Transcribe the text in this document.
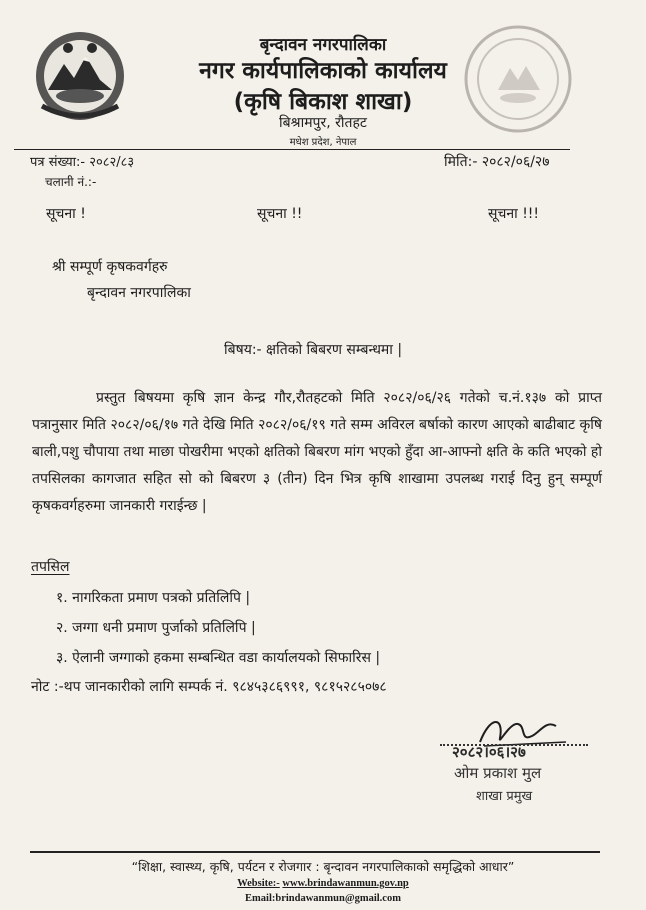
बृन्दावन नगरपालिका
नगर कार्यपालिकाको कार्यालय
(कृषि बिकाश शाखा)
बिश्रामपुर, रौतहट
मधेश प्रदेश, नेपाल
पत्र संख्या:- २०८२/८३	मिति:- २०८२/०६/२७
चलानी नं.:-
सूचना !	सूचना !!	सूचना !!!
श्री सम्पूर्ण कृषकवर्गहरु
बृन्दावन नगरपालिका
बिषय:- क्षतिको बिबरण सम्बन्धमा |

प्रस्तुत बिषयमा कृषि ज्ञान केन्द्र गौर,रौतहटको मिति २०८२/०६/२६ गतेको च.नं.१३७ को प्राप्त पत्रानुसार मिति २०८२/०६/१७ गते देखि मिति २०८२/०६/१९ गते सम्म अविरल बर्षाको कारण आएको बाढीबाट कृषि बाली,पशु चौपाया तथा माछा पोखरीमा भएको क्षतिको बिबरण मांग भएको हुँदा आ-आफ्नो क्षति के कति भएको हो तपसिलका कागजात सहित सो को बिबरण ३ (तीन) दिन भित्र कृषि शाखामा उपलब्ध गराई दिनु हुन् सम्पूर्ण कृषकवर्गहरुमा जानकारी गराईन्छ |

तपसिल
१. नागरिकता प्रमाण पत्रको प्रतिलिपि |
२. जग्गा धनी प्रमाण पुर्जाको प्रतिलिपि |
३. ऐलानी जग्गाको हकमा सम्बन्धित वडा कार्यालयको सिफारिस |
नोट :-थप जानकारीको लागि सम्पर्क नं. ९८४५३८६९९१, ९८१५२८५०७८
२०८२।०६।२७
ओम प्रकाश मुल
शाखा प्रमुख
“शिक्षा, स्वास्थ्य, कृषि, पर्यटन र रोजगार : बृन्दावन नगरपालिकाको समृद्धिको आधार”
Website:- www.brindawanmun.gov.np
Email:brindawanmun@gmail.com
